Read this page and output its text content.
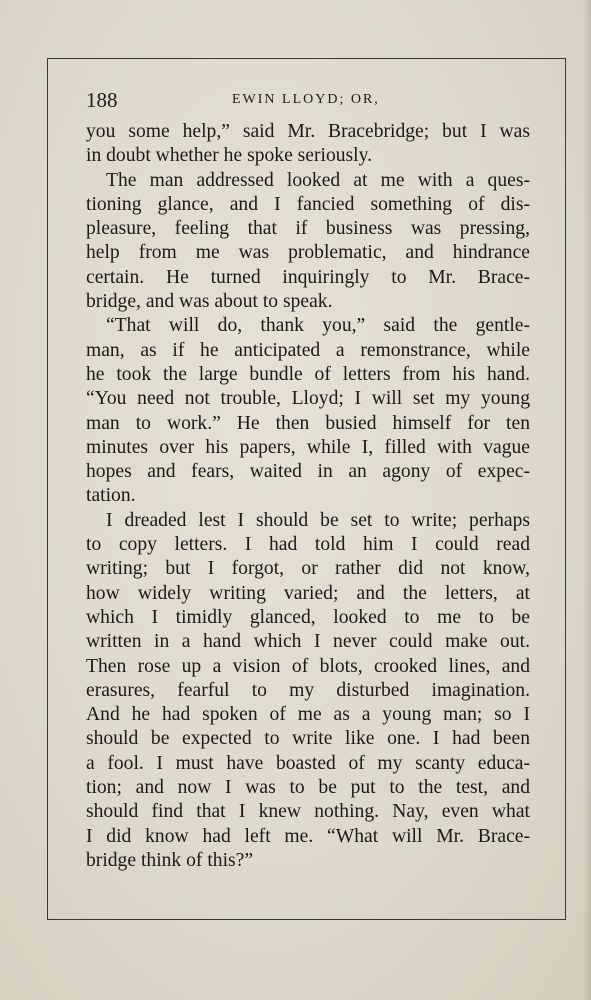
188	EWIN LLOYD; OR,
you some help,” said Mr. Bracebridge; but I was
in doubt whether he spoke seriously.
The man addressed looked at me with a ques-
tioning glance, and I fancied something of dis-
pleasure, feeling that if business was pressing,
help from me was problematic, and hindrance
certain. He turned inquiringly to Mr. Brace-
bridge, and was about to speak.
“That will do, thank you,” said the gentle-
man, as if he anticipated a remonstrance, while
he took the large bundle of letters from his hand.
“You need not trouble, Lloyd; I will set my young
man to work.” He then busied himself for ten
minutes over his papers, while I, filled with vague
hopes and fears, waited in an agony of expec-
tation.
I dreaded lest I should be set to write; perhaps
to copy letters. I had told him I could read
writing; but I forgot, or rather did not know,
how widely writing varied; and the letters, at
which I timidly glanced, looked to me to be
written in a hand which I never could make out.
Then rose up a vision of blots, crooked lines, and
erasures, fearful to my disturbed imagination.
And he had spoken of me as a young man; so I
should be expected to write like one. I had been
a fool. I must have boasted of my scanty educa-
tion; and now I was to be put to the test, and
should find that I knew nothing. Nay, even what
I did know had left me. “What will Mr. Brace-
bridge think of this?”
